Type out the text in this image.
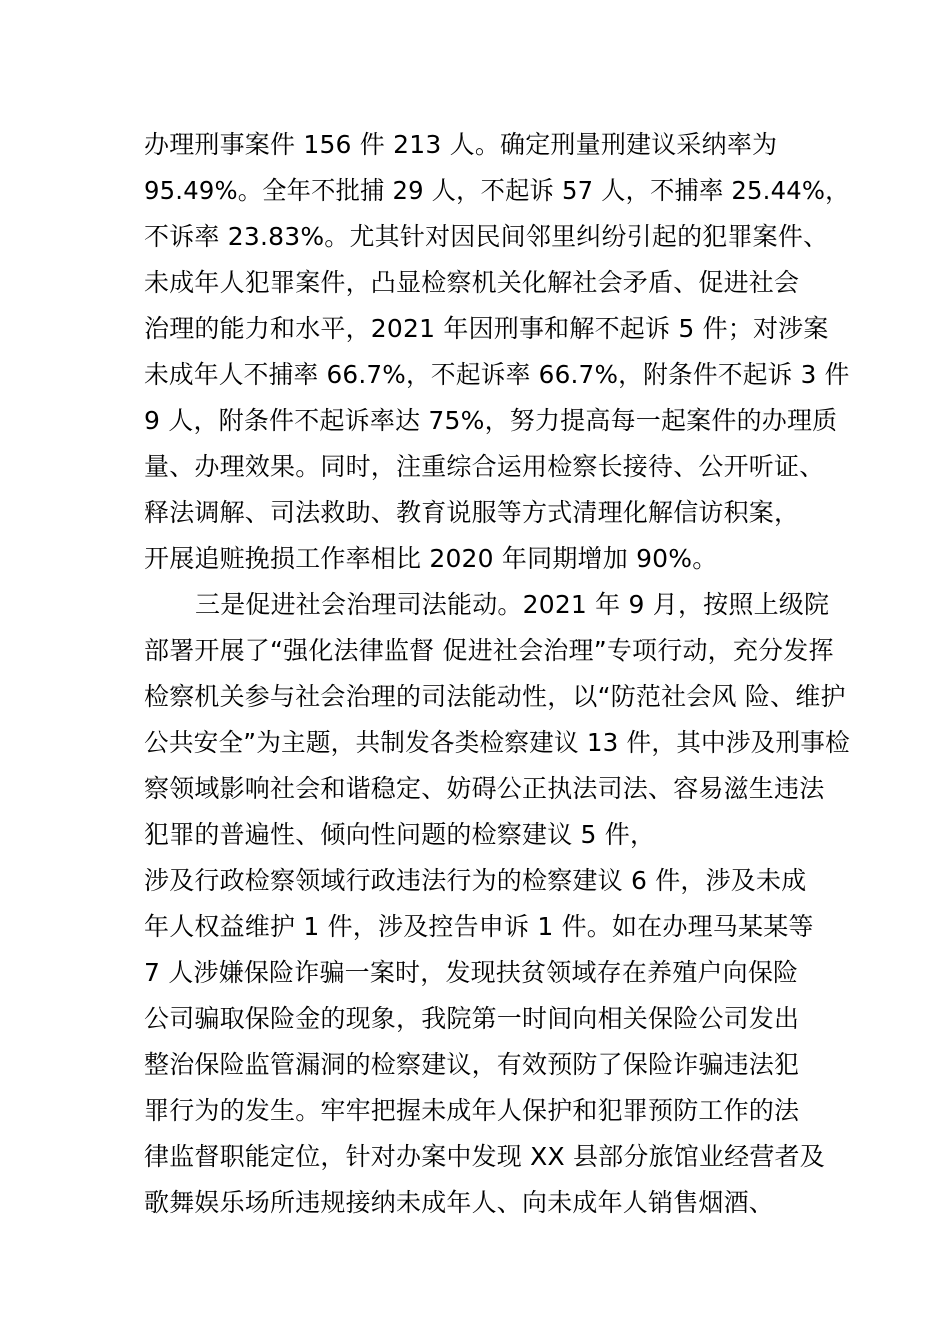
办理刑事案件 156 件 213 人。确定刑量刑建议采纳率为
95.49%。全年不批捕 29 人，不起诉 57 人，不捕率 25.44%，
不诉率 23.83%。尤其针对因民间邻里纠纷引起的犯罪案件、
未成年人犯罪案件，凸显检察机关化解社会矛盾、促进社会
治理的能力和水平，2021 年因刑事和解不起诉 5 件；对涉案
未成年人不捕率 66.7%，不起诉率 66.7%，附条件不起诉 3 件
9 人，附条件不起诉率达 75%，努力提高每一起案件的办理质
量、办理效果。同时，注重综合运用检察长接待、公开听证、
释法调解、司法救助、教育说服等方式清理化解信访积案，
开展追赃挽损工作率相比 2020 年同期增加 90%。
三是促进社会治理司法能动。2021 年 9 月，按照上级院
部署开展了“强化法律监督 促进社会治理”专项行动，充分发挥
检察机关参与社会治理的司法能动性，以“防范社会风 险、维护
公共安全”为主题，共制发各类检察建议 13 件，其中涉及刑事检
察领域影响社会和谐稳定、妨碍公正执法司法、容易滋生违法
犯罪的普遍性、倾向性问题的检察建议 5 件，
涉及行政检察领域行政违法行为的检察建议 6 件，涉及未成
年人权益维护 1 件，涉及控告申诉 1 件。如在办理马某某等
7 人涉嫌保险诈骗一案时，发现扶贫领域存在养殖户向保险
公司骗取保险金的现象，我院第一时间向相关保险公司发出
整治保险监管漏洞的检察建议，有效预防了保险诈骗违法犯
罪行为的发生。牢牢把握未成年人保护和犯罪预防工作的法
律监督职能定位，针对办案中发现 XX 县部分旅馆业经营者及
歌舞娱乐场所违规接纳未成年人、向未成年人销售烟酒、
